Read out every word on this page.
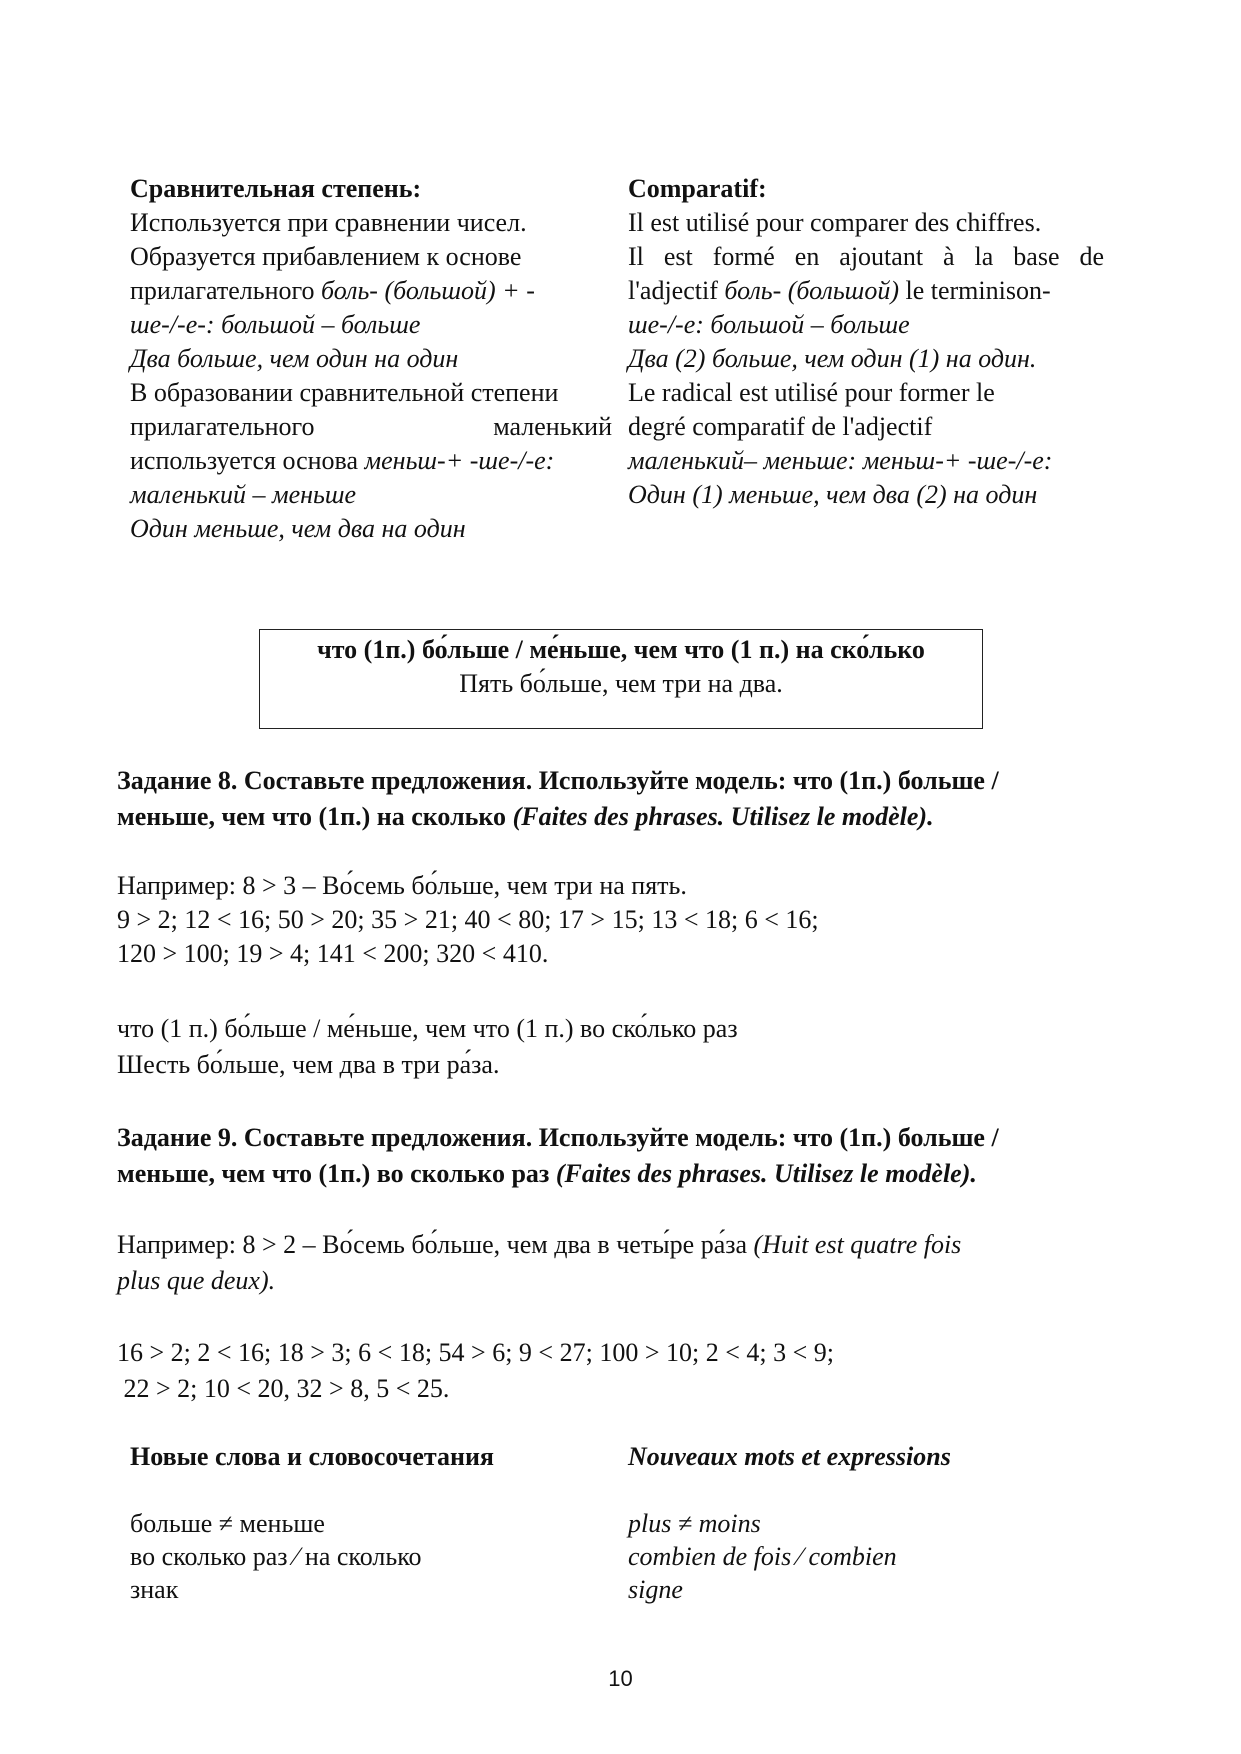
Сравнительная степень:
Используется при сравнении чисел.
Образуется прибавлением к основе
прилагательного боль- (большой) + -
ше-/-е-: большой – больше
Два больше, чем один на один
В образовании сравнительной степени
прилагательного	маленький
используется основа меньш-+ -ше-/-е:
маленький – меньше
Один меньше, чем два на один
Comparatif:
Il est utilisé pour comparer des chiffres.
Il est formé en ajoutant à la base de
l'adjectif боль- (большой) le terminison-
ше-/-е: большой – больше
Два (2) больше, чем один (1) на один.
Le radical est utilisé pour former le
degré comparatif de l'adjectif
маленький– меньше: меньш-+ -ше-/-е:
Один (1) меньше, чем два (2) на один
что (1п.) бо́льше / ме́ньше, чем что (1 п.) на ско́лько
Пять бо́льше, чем три на два.
Задание 8. Составьте предложения. Используйте модель: что (1п.) больше /
меньше, чем что (1п.) на сколько (Faites des phrases. Utilisez le modèle).
Например: 8 > 3 – Во́семь бо́льше, чем три на пять.
9 > 2; 12 < 16; 50 > 20; 35 > 21; 40 < 80; 17 > 15; 13 < 18; 6 < 16;
120 > 100; 19 > 4; 141 < 200; 320 < 410.
что (1 п.) бо́льше / ме́ньше, чем что (1 п.) во ско́лько раз
Шесть бо́льше, чем два в три ра́за.
Задание 9. Составьте предложения. Используйте модель: что (1п.) больше /
меньше, чем что (1п.) во сколько раз (Faites des phrases. Utilisez le modèle).
Например: 8 > 2 – Во́семь бо́льше, чем два в четы́ре ра́за (Huit est quatre fois
plus que deux).
16 > 2; 2 < 16; 18 > 3; 6 < 18; 54 > 6; 9 < 27; 100 > 10; 2 < 4; 3 < 9;
22 > 2; 10 < 20, 32 > 8, 5 < 25.
Новые слова и словосочетания	Nouveaux mots et expressions
больше ≠ меньше
во сколько раз ⁄ на сколько
знак
plus ≠ moins
combien de fois ⁄ combien
signe
10
